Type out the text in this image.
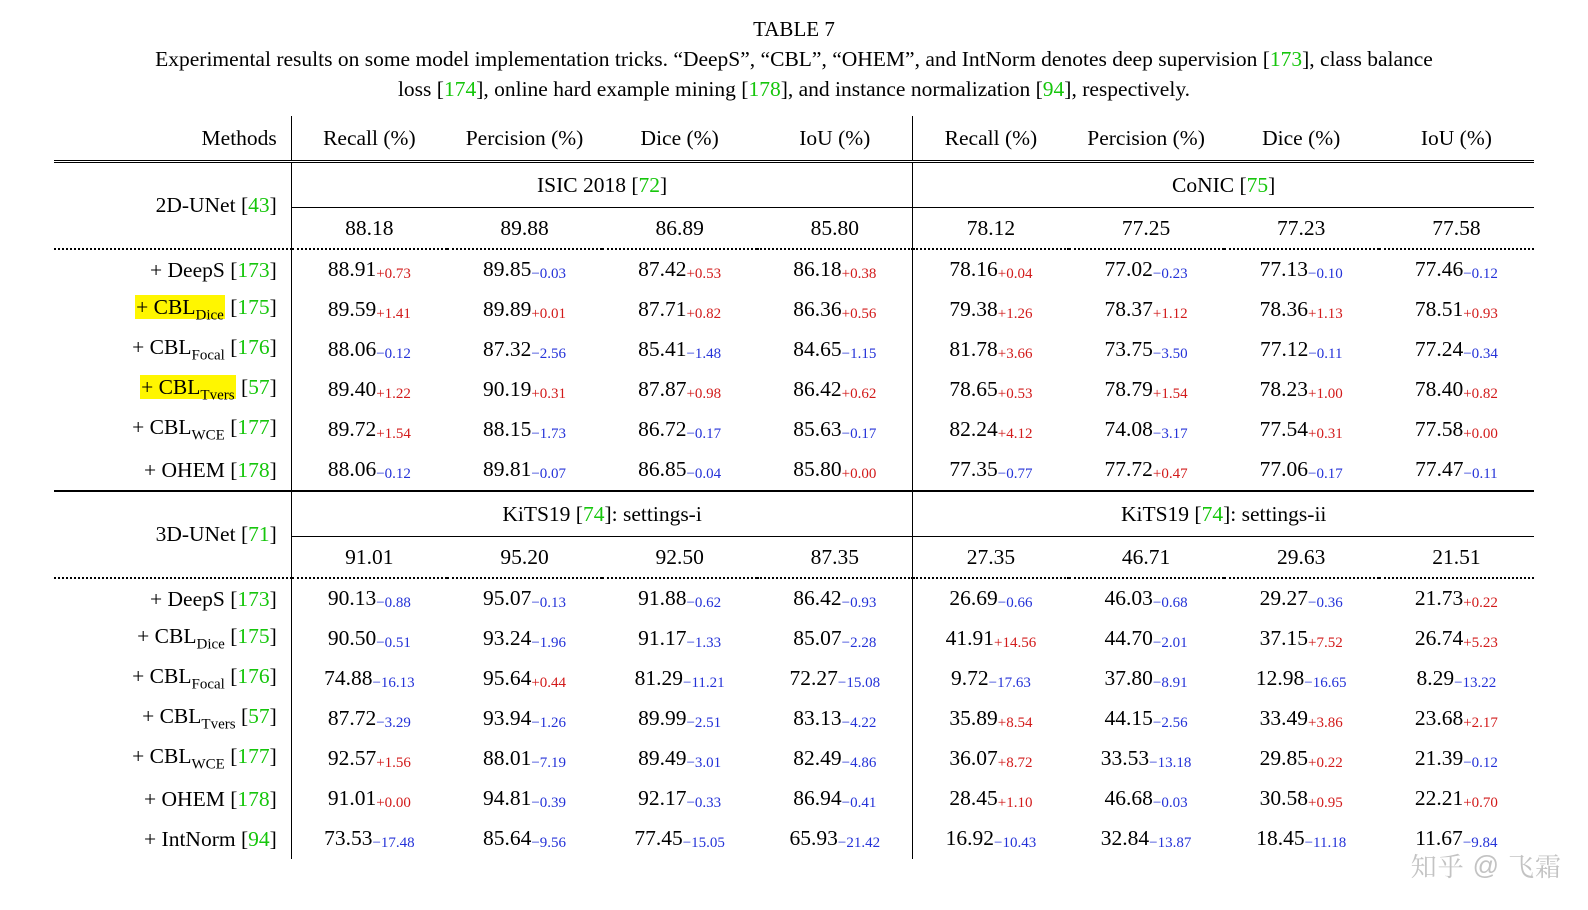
TABLE 7
Experimental results on some model implementation tricks. “DeepS”, “CBL”, “OHEM”, and IntNorm denotes deep supervision [173], class balance
loss [174], online hard example mining [178], and instance normalization [94], respectively.
Methods	Recall (%)	Percision (%)	Dice (%)	IoU (%)	Recall (%)	Percision (%)	Dice (%)	IoU (%)
2D-UNet [43]	ISIC 2018 [72]				CoNIC [75]			
	88.18	89.88	86.89	85.80	78.12	77.25	77.23	77.58
+ DeepS [173]	88.91+0.73	89.85−0.03	87.42+0.53	86.18+0.38	78.16+0.04	77.02−0.23	77.13−0.10	77.46−0.12
+ $CBL_{Dice}$ [175]	89.59+1.41	89.89+0.01	87.71+0.82	86.36+0.56	79.38+1.26	78.37+1.12	78.36+1.13	78.51+0.93
+ $CBL_{Focal}$ [176]	88.06−0.12	87.32−2.56	85.41−1.48	84.65−1.15	81.78+3.66	73.75−3.50	77.12−0.11	77.24−0.34
+ $CBL_{Tvers}$ [57]	89.40+1.22	90.19+0.31	87.87+0.98	86.42+0.62	78.65+0.53	78.79+1.54	78.23+1.00	78.40+0.82
+ $CBL_{WCE}$ [177]	89.72+1.54	88.15−1.73	86.72−0.17	85.63−0.17	82.24+4.12	74.08−3.17	77.54+0.31	77.58+0.00
+ OHEM [178]	88.06−0.12	89.81−0.07	86.85−0.04	85.80+0.00	77.35−0.77	77.72+0.47	77.06−0.17	77.47−0.11
3D-UNet [71]	KiTS19 [74]: settings-i				KiTS19 [74]: settings-ii			
	91.01	95.20	92.50	87.35	27.35	46.71	29.63	21.51
+ DeepS [173]	90.13−0.88	95.07−0.13	91.88−0.62	86.42−0.93	26.69−0.66	46.03−0.68	29.27−0.36	21.73+0.22
+ $CBL_{Dice}$ [175]	90.50−0.51	93.24−1.96	91.17−1.33	85.07−2.28	41.91+14.56	44.70−2.01	37.15+7.52	26.74+5.23
+ $CBL_{Focal}$ [176]	74.88−16.13	95.64+0.44	81.29−11.21	72.27−15.08	9.72−17.63	37.80−8.91	12.98−16.65	8.29−13.22
+ $CBL_{Tvers}$ [57]	87.72−3.29	93.94−1.26	89.99−2.51	83.13−4.22	35.89+8.54	44.15−2.56	33.49+3.86	23.68+2.17
+ $CBL_{WCE}$ [177]	92.57+1.56	88.01−7.19	89.49−3.01	82.49−4.86	36.07+8.72	33.53−13.18	29.85+0.22	21.39−0.12
+ OHEM [178]	91.01+0.00	94.81−0.39	92.17−0.33	86.94−0.41	28.45+1.10	46.68−0.03	30.58+0.95	22.21+0.70
+ IntNorm [94]	73.53−17.48	85.64−9.56	77.45−15.05	65.93−21.42	16.92−10.43	32.84−13.87	18.45−11.18	11.67−9.84
知乎 @ 飞霜
